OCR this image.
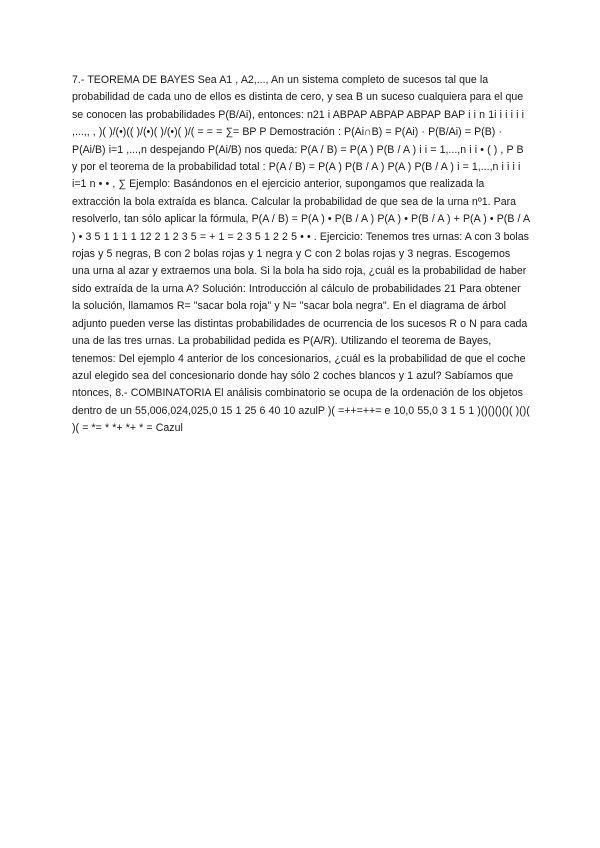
7.- TEOREMA DE BAYES Sea A1 , A2,..., An un sistema completo de sucesos tal que la probabilidad de cada uno de ellos es distinta de cero, y sea B un suceso cualquiera para el que se conocen las probabilidades P(B/Ai), entonces: n21 i ABPAP ABPAP ABPAP BAP i i n 1i i i i i i ,...,, , )( )/(•)(( )/(•)( )/(•)( )/( = = = ∑= BP P Demostración : P(Ai∩B) = P(Ai) · P(B/Ai) = P(B) · P(Ai/B) i=1 ,...,n despejando P(Ai/B) nos queda: P(A / B) = P(A ) P(B / A ) i i = 1,...,n i i • ( ) , P B y por el teorema de la probabilidad total : P(A / B) = P(A ) P(B / A ) P(A ) P(B / A ) i = 1,...,n i i i i i=1 n • • , ∑ Ejemplo: Basándonos en el ejercicio anterior, supongamos que realizada la extracción la bola extraída es blanca. Calcular la probabilidad de que sea de la urna nº1. Para resolverlo, tan sólo aplicar la fórmula, P(A / B) = P(A ) • P(B / A ) P(A ) • P(B / A ) + P(A ) • P(B / A ) • 3 5 1 1 1 1 12 2 1 2 3 5 = + 1 = 2 3 5 1 2 2 5 • • . Ejercicio: Tenemos tres urnas: A con 3 bolas rojas y 5 negras, B con 2 bolas rojas y 1 negra y C con 2 bolas rojas y 3 negras. Escogemos una urna al azar y extraemos una bola. Si la bola ha sido roja, ¿cuál es la probabilidad de haber sido extraída de la urna A? Solución: Introducción al cálculo de probabilidades 21 Para obtener la solución, llamamos R= "sacar bola roja" y N= "sacar bola negra". En el diagrama de árbol adjunto pueden verse las distintas probabilidades de ocurrencia de los sucesos R o N para cada una de las tres urnas. La probabilidad pedida es P(A/R). Utilizando el teorema de Bayes, tenemos: Del ejemplo 4 anterior de los concesionarios, ¿cuál es la probabilidad de que el coche azul elegido sea del concesionario donde hay sólo 2 coches blancos y 1 azul? Sabíamos que ntonces, 8.- COMBINATORIA El análisis combinatorio se ocupa de la ordenación de los objetos dentro de un 55,006,024,025,0 15 1 25 6 40 10 azulP )( =++=++= e 10,0 55,0 3 1 5 1 )()()()()( )()( )( = *= * *+ *+ * = Cazul
